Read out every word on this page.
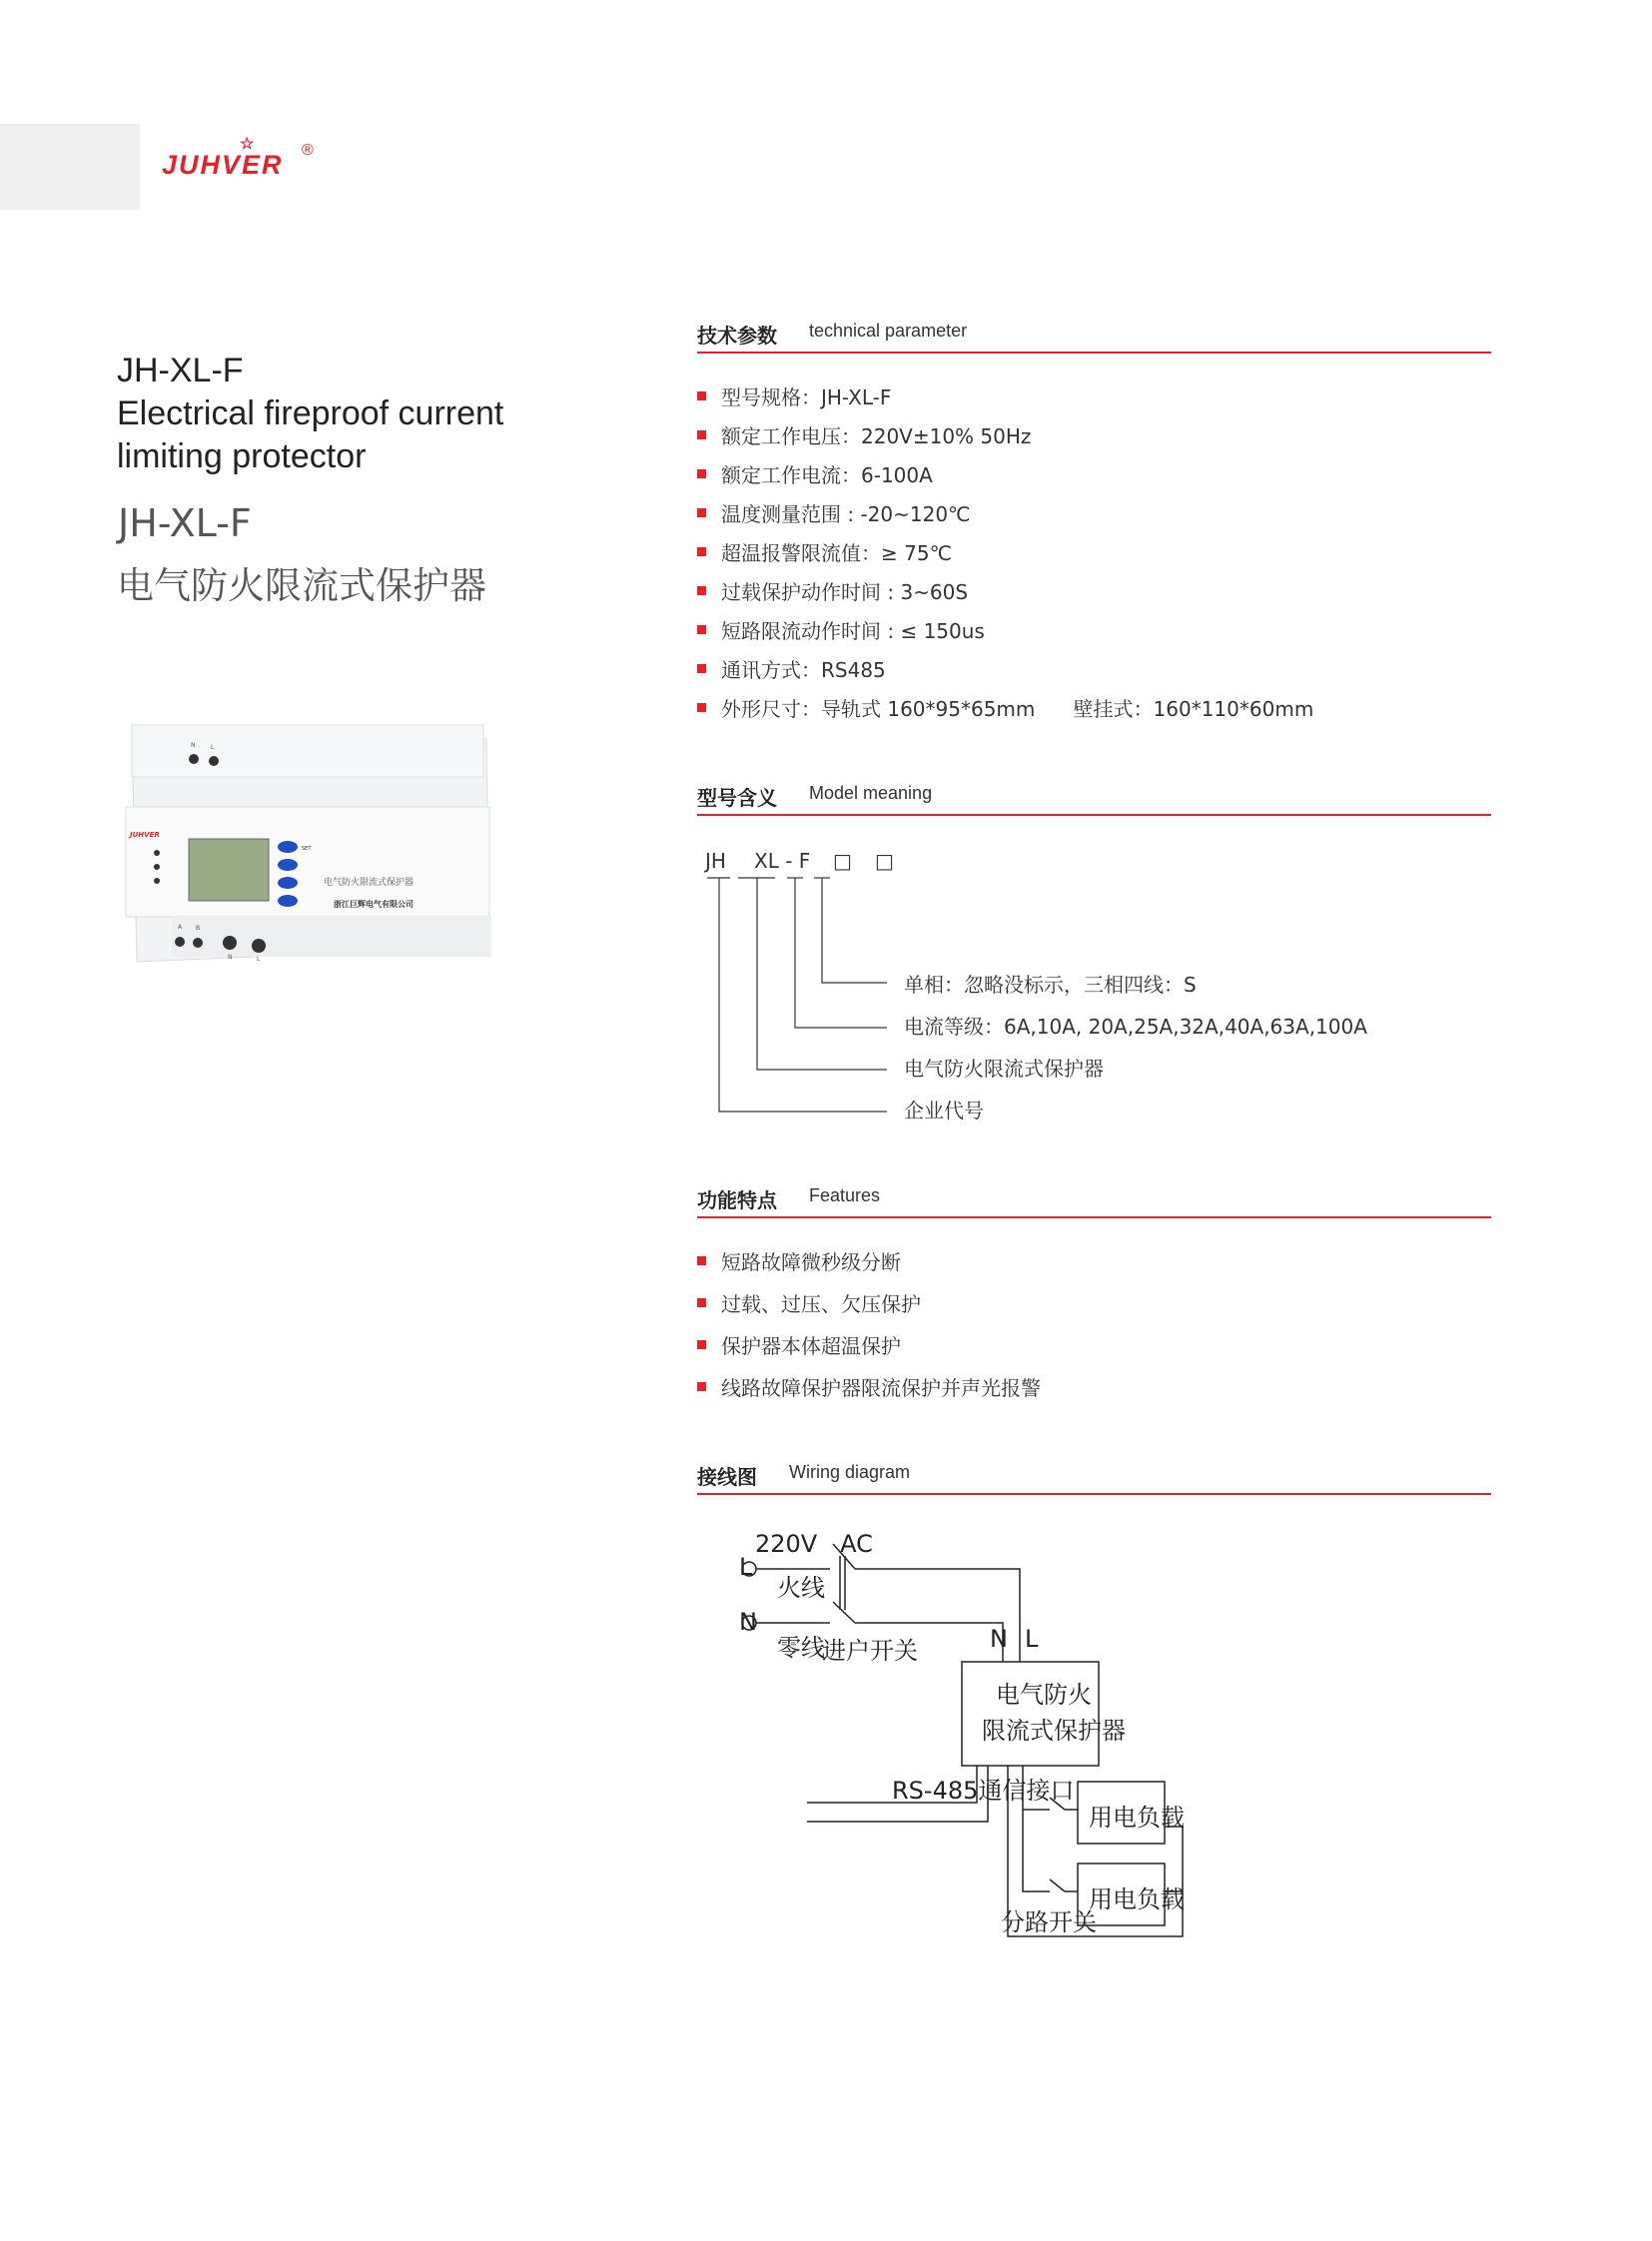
JUHVER
☆	®
JH-XL-F
Electrical fireproof current
limiting protector
JH-XL-F
电气防火限流式保护器
N	L
JUHVER
SET
电气防火限流式保护器
浙江巨辉电气有限公司
A B
N	L
技术参数 technical parameter
型号规格：JH-XL-F
额定工作电压：220V±10% 50Hz
额定工作电流：6-100A
温度测量范围 : -20~120℃
超温报警限流值：≥ 75℃
过载保护动作时间 : 3~60S
短路限流动作时间 : ≤ 150us
通讯方式：RS485
外形尺寸：导轨式 160*95*65mm      壁挂式：160*110*60mm
型号含义 Model meaning
JH XL - F □ □
单相：忽略没标示，三相四线：S
电流等级：6A,10A, 20A,25A,32A,40A,63A,100A
电气防火限流式保护器
企业代号
功能特点 Features
短路故障微秒级分断
过载、过压、欠压保护
保护器本体超温保护
线路故障保护器限流保护并声光报警
接线图 Wiring diagram
220V   AC
L
火线
N
零线
进户开关	N L
电气防火
限流式保护器
RS-485通信接口
用电负载
用电负载
分路开关
